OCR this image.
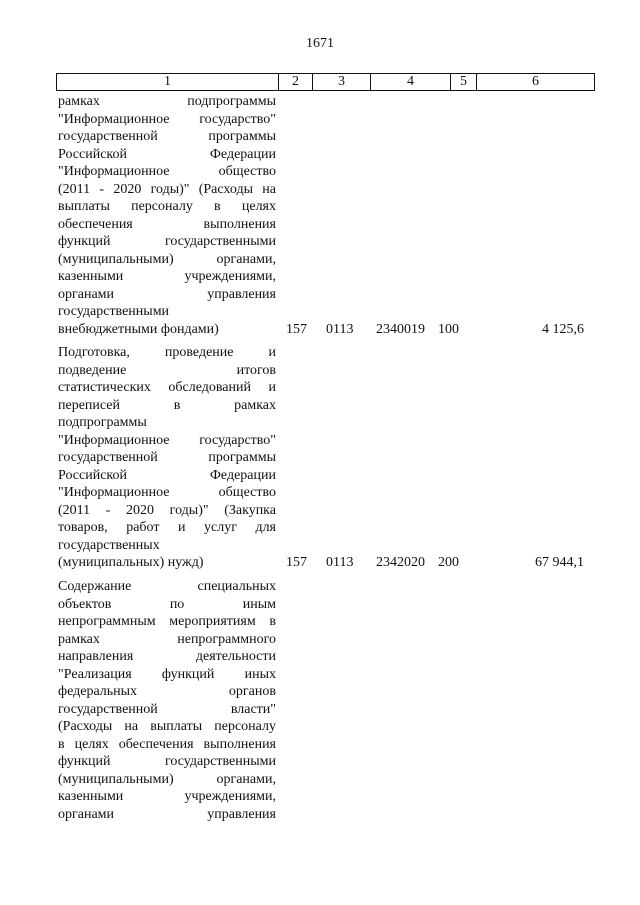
1671
1	2	3	4	5	6
рамках подпрограммы
"Информационное государство"
государственной программы
Российской Федерации
"Информационное общество
(2011 - 2020 годы)" (Расходы на
выплаты персоналу в целях
обеспечения выполнения
функций государственными
(муниципальными) органами,
казенными учреждениями,
органами управления
государственными
внебюджетными фондами)	157	0113	2340019 100	4 125,6
Подготовка, проведение и
подведение итогов
статистических обследований и
переписей в рамках
подпрограммы
"Информационное государство"
государственной программы
Российской Федерации
"Информационное общество
(2011 - 2020 годы)" (Закупка
товаров, работ и услуг для
государственных
(муниципальных) нужд)	157	0113	2342020 200	67 944,1
Содержание специальных
объектов по иным
непрограммным мероприятиям в
рамках непрограммного
направления деятельности
"Реализация функций иных
федеральных органов
государственной власти"
(Расходы на выплаты персоналу
в целях обеспечения выполнения
функций государственными
(муниципальными) органами,
казенными учреждениями,
органами управления
